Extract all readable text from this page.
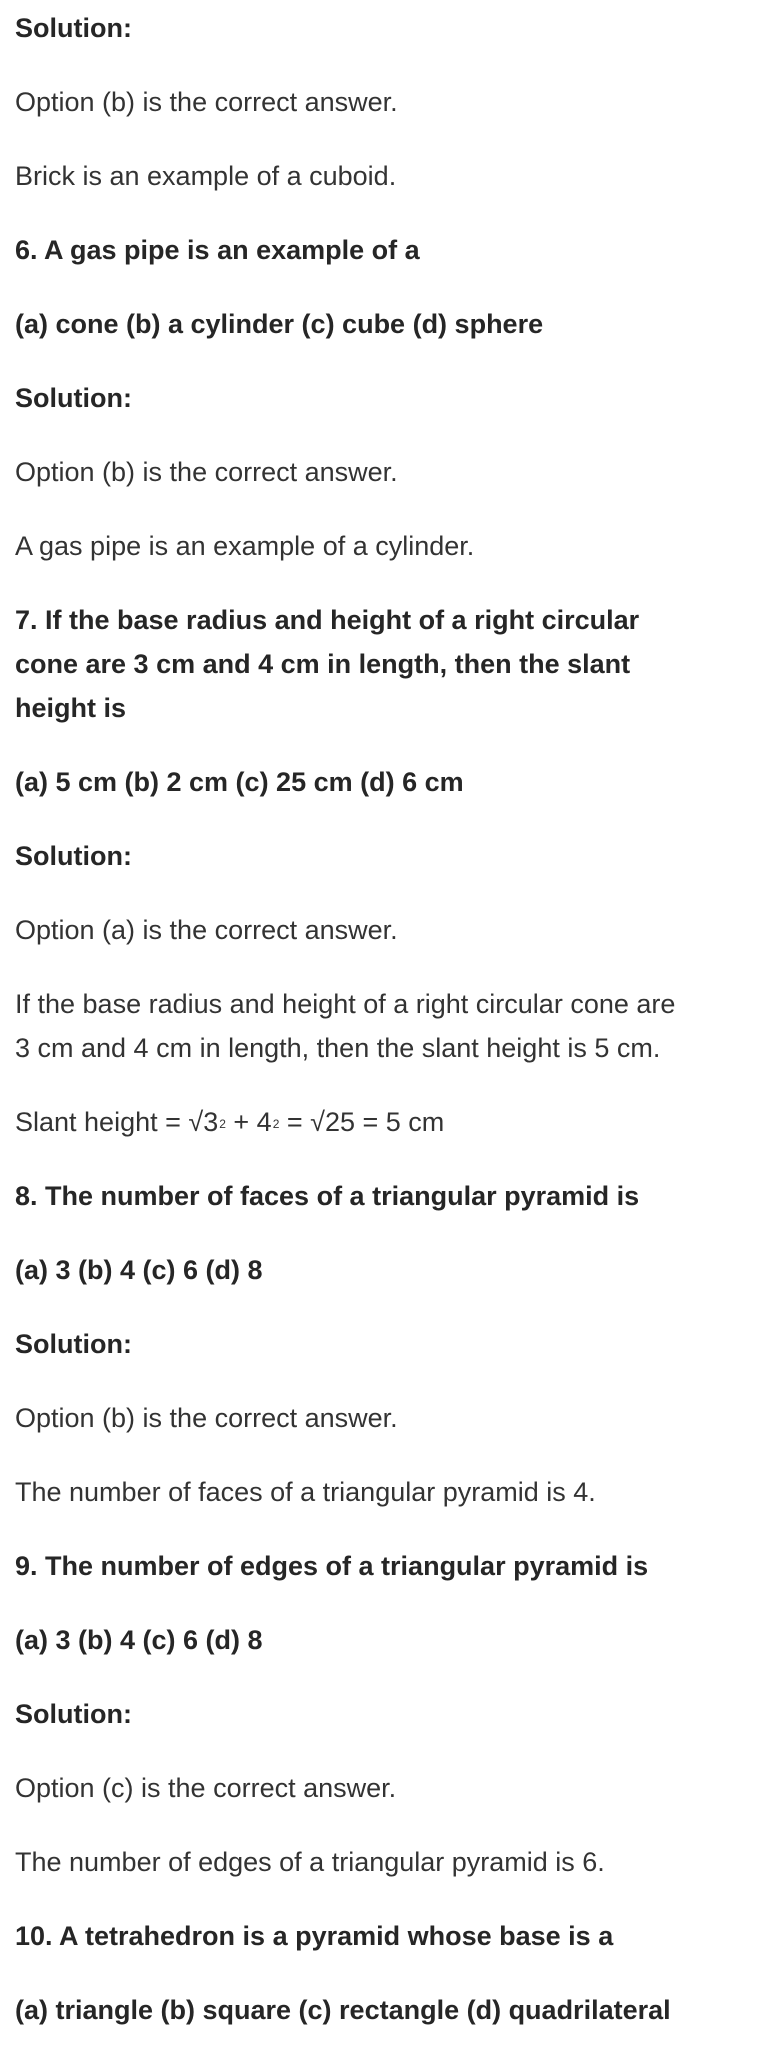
Solution:

Option (b) is the correct answer.

Brick is an example of a cuboid.

6. A gas pipe is an example of a

(a) cone (b) a cylinder (c) cube (d) sphere

Solution:

Option (b) is the correct answer.

A gas pipe is an example of a cylinder.

7. If the base radius and height of a right circular

cone are 3 cm and 4 cm in length, then the slant

height is

(a) 5 cm (b) 2 cm (c) 25 cm (d) 6 cm

Solution:

Option (a) is the correct answer.

If the base radius and height of a right circular cone are

3 cm and 4 cm in length, then the slant height is 5 cm.

Slant height = $√3^2 + 4^2 = √25 = 5$ cm

8. The number of faces of a triangular pyramid is

(a) 3 (b) 4 (c) 6 (d) 8

Solution:

Option (b) is the correct answer.

The number of faces of a triangular pyramid is 4.

9. The number of edges of a triangular pyramid is

(a) 3 (b) 4 (c) 6 (d) 8

Solution:

Option (c) is the correct answer.

The number of edges of a triangular pyramid is 6.

10. A tetrahedron is a pyramid whose base is a

(a) triangle (b) square (c) rectangle (d) quadrilateral
